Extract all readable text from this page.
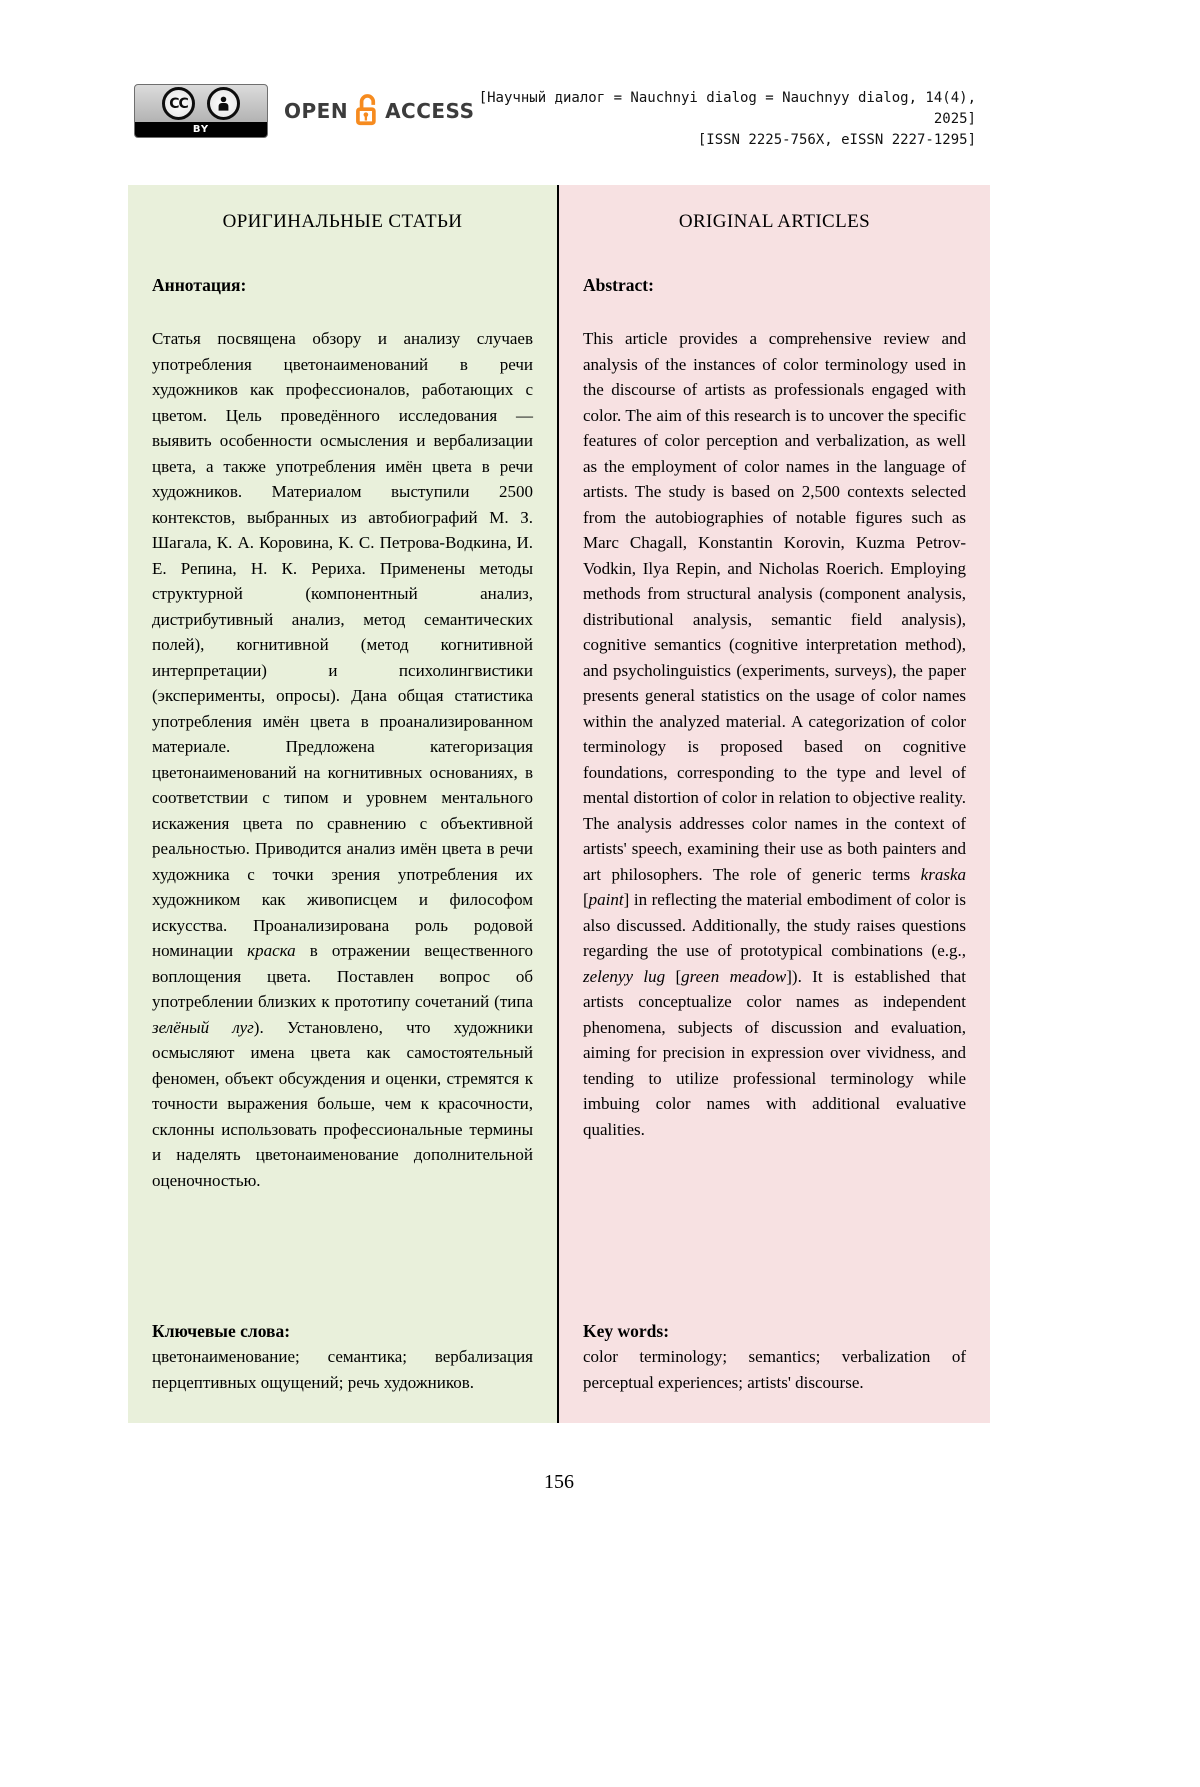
CC
BY
OPEN ACCESS
[Научный диалог = Nauchnyi dialog = Nauchnyy dialog, 14(4), 2025]
[ISSN 2225-756X, eISSN 2227-1295]
ОРИГИНАЛЬНЫЕ СТАТЬИ
Аннотация:

Статья посвящена обзору и анализу случаев употребления цветонаименований в речи художников как профессионалов, работающих с цветом. Цель проведённого исследования — выявить особенности осмысления и вербализации цвета, а также употребления имён цвета в речи художников. Материалом выступили 2500 контекстов, выбранных из автобиографий М. З. Шагала, К. А. Коровина, К. С. Петрова-Водкина, И. Е. Репина, Н. К. Рериха. Применены методы структурной (компонентный анализ, дистрибутивный анализ, метод семантических полей), когнитивной (метод когнитивной интерпретации) и психолингвистики (эксперименты, опросы). Дана общая статистика употребления имён цвета в проанализированном материале. Предложена категоризация цветонаименований на когнитивных основаниях, в соответствии с типом и уровнем ментального искажения цвета по сравнению с объективной реальностью. Приводится анализ имён цвета в речи художника с точки зрения употребления их художником как живописцем и философом искусства. Проанализирована роль родовой номинации краска в отражении вещественного воплощения цвета. Поставлен вопрос об употреблении близких к прототипу сочетаний (типа зелёный луг). Установлено, что художники осмысляют имена цвета как самостоятельный феномен, объект обсуждения и оценки, стремятся к точности выражения больше, чем к красочности, склонны использовать профессиональные термины и наделять цветонаименование дополнительной оценочностью.

Ключевые слова:

цветонаименование; семантика; вербализация перцептивных ощущений; речь художников.

ORIGINAL ARTICLES
Abstract:

This article provides a comprehensive review and analysis of the instances of color terminology used in the discourse of artists as professionals engaged with color. The aim of this research is to uncover the specific features of color perception and verbalization, as well as the employment of color names in the language of artists. The study is based on 2,500 contexts selected from the autobiographies of notable figures such as Marc Chagall, Konstantin Korovin, Kuzma Petrov-Vodkin, Ilya Repin, and Nicholas Roerich. Employing methods from structural analysis (component analysis, distributional analysis, semantic field analysis), cognitive semantics (cognitive interpretation method), and psycholinguistics (experiments, surveys), the paper presents general statistics on the usage of color names within the analyzed material. A categorization of color terminology is proposed based on cognitive foundations, corresponding to the type and level of mental distortion of color in relation to objective reality. The analysis addresses color names in the context of artists' speech, examining their use as both painters and art philosophers. The role of generic terms kraska [paint] in reflecting the material embodiment of color is also discussed. Additionally, the study raises questions regarding the use of prototypical combinations (e.g., zelenyy lug [green meadow]). It is established that artists conceptualize color names as independent phenomena, subjects of discussion and evaluation, aiming for precision in expression over vividness, and tending to utilize professional terminology while imbuing color names with additional evaluative qualities.

Key words:

color terminology; semantics; verbalization of perceptual experiences; artists' discourse.

156
